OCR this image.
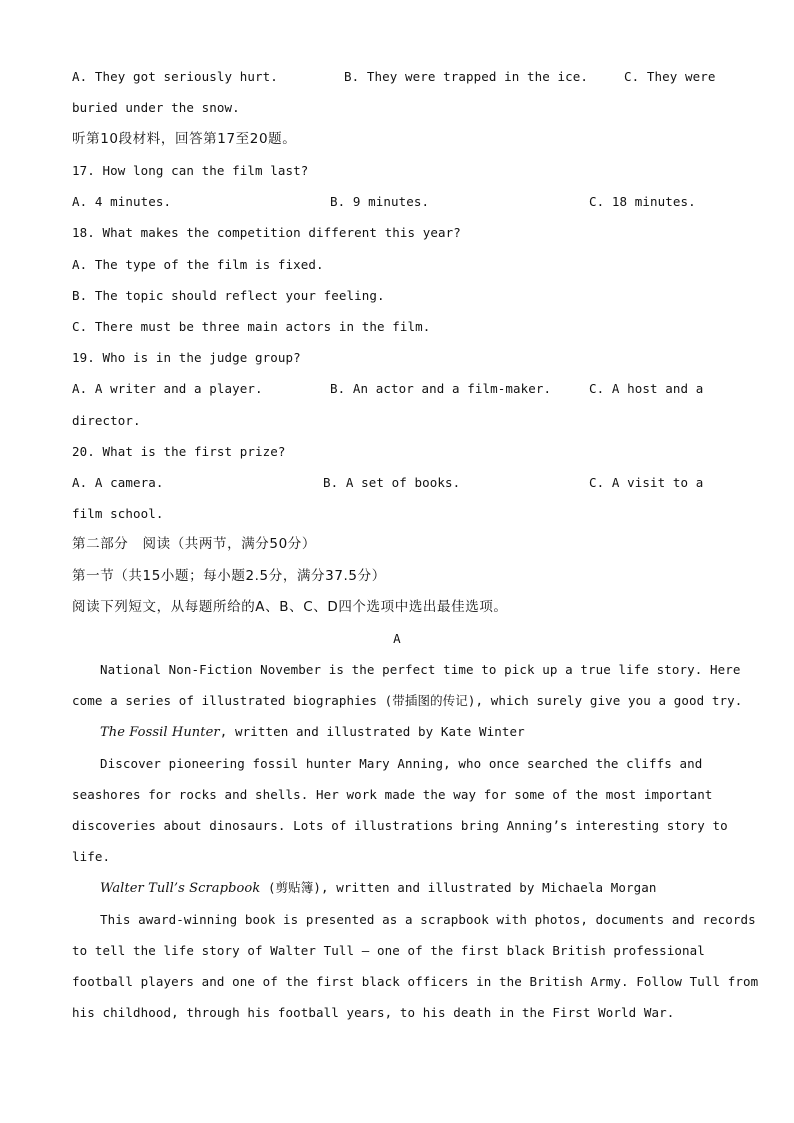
A. They got seriously hurt.	B. They were trapped in the ice.	C. They were
buried under the snow.
听第10段材料，回答第17至20题。
17. How long can the film last?
A. 4 minutes.	B. 9 minutes.	C. 18 minutes.
18. What makes the competition different this year?
A. The type of the film is fixed.
B. The topic should reflect your feeling.
C. There must be three main actors in the film.
19. Who is in the judge group?
A. A writer and a player.	B. An actor and a film-maker.	C. A host and a
director.
20. What is the first prize?
A. A camera.	B. A set of books.	C. A visit to a
film school.
第二部分　阅读（共两节，满分50分）
第一节（共15小题；每小题2.5分，满分37.5分）
阅读下列短文，从每题所给的A、B、C、D四个选项中选出最佳选项。
A
National Non-Fiction November is the perfect time to pick up a true life story. Here
come a series of illustrated biographies (带插图的传记), which surely give you a good try.
The Fossil Hunter, written and illustrated by Kate Winter
Discover pioneering fossil hunter Mary Anning, who once searched the cliffs and
seashores for rocks and shells. Her work made the way for some of the most important
discoveries about dinosaurs. Lots of illustrations bring Anning’s interesting story to
life.
Walter Tull’s Scrapbook (剪贴簿), written and illustrated by Michaela Morgan
This award-winning book is presented as a scrapbook with photos, documents and records
to tell the life story of Walter Tull — one of the first black British professional
football players and one of the first black officers in the British Army. Follow Tull from
his childhood, through his football years, to his death in the First World War.
